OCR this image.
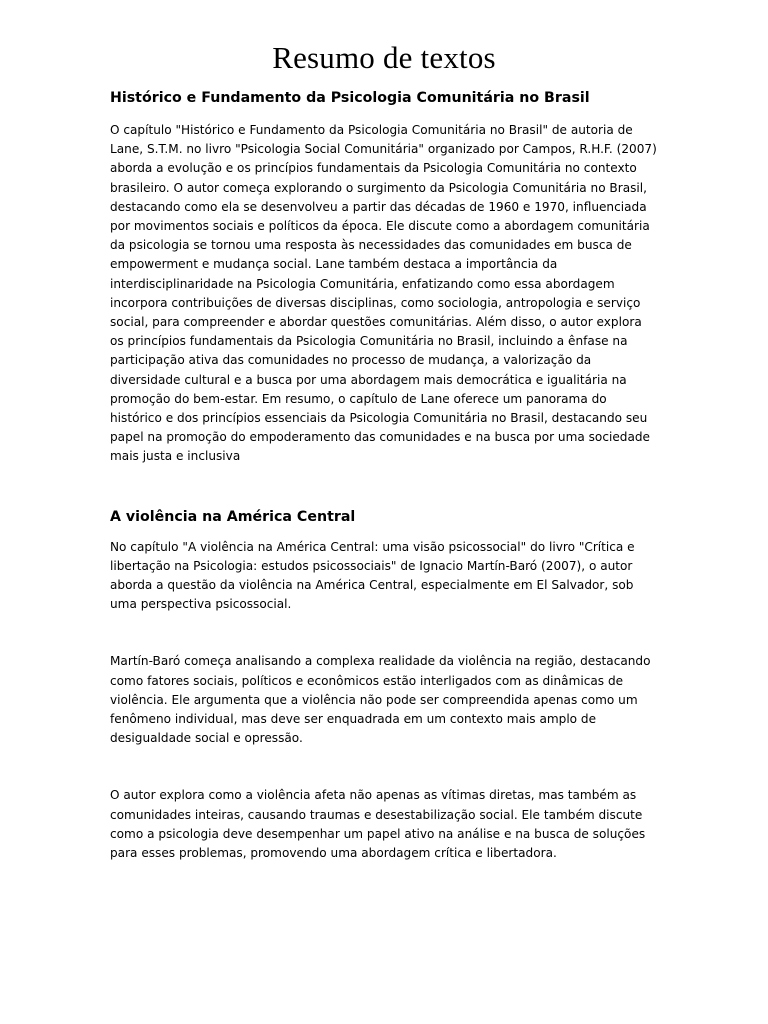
Resumo de textos
Histórico e Fundamento da Psicologia Comunitária no Brasil

O capítulo "Histórico e Fundamento da Psicologia Comunitária no Brasil" de autoria de Lane, S.T.M. no livro "Psicologia Social Comunitária" organizado por Campos, R.H.F. (2007) aborda a evolução e os princípios fundamentais da Psicologia Comunitária no contexto brasileiro. O autor começa explorando o surgimento da Psicologia Comunitária no Brasil, destacando como ela se desenvolveu a partir das décadas de 1960 e 1970, influenciada por movimentos sociais e políticos da época. Ele discute como a abordagem comunitária da psicologia se tornou uma resposta às necessidades das comunidades em busca de empowerment e mudança social. Lane também destaca a importância da interdisciplinaridade na Psicologia Comunitária, enfatizando como essa abordagem incorpora contribuições de diversas disciplinas, como sociologia, antropologia e serviço social, para compreender e abordar questões comunitárias. Além disso, o autor explora os princípios fundamentais da Psicologia Comunitária no Brasil, incluindo a ênfase na participação ativa das comunidades no processo de mudança, a valorização da diversidade cultural e a busca por uma abordagem mais democrática e igualitária na promoção do bem-estar. Em resumo, o capítulo de Lane oferece um panorama do histórico e dos princípios essenciais da Psicologia Comunitária no Brasil, destacando seu papel na promoção do empoderamento das comunidades e na busca por uma sociedade mais justa e inclusiva

A violência na América Central

No capítulo "A violência na América Central: uma visão psicossocial" do livro "Crítica e libertação na Psicologia: estudos psicossociais" de Ignacio Martín-Baró (2007), o autor aborda a questão da violência na América Central, especialmente em El Salvador, sob uma perspectiva psicossocial.

Martín-Baró começa analisando a complexa realidade da violência na região, destacando como fatores sociais, políticos e econômicos estão interligados com as dinâmicas de violência. Ele argumenta que a violência não pode ser compreendida apenas como um fenômeno individual, mas deve ser enquadrada em um contexto mais amplo de desigualdade social e opressão.

O autor explora como a violência afeta não apenas as vítimas diretas, mas também as comunidades inteiras, causando traumas e desestabilização social. Ele também discute como a psicologia deve desempenhar um papel ativo na análise e na busca de soluções para esses problemas, promovendo uma abordagem crítica e libertadora.
